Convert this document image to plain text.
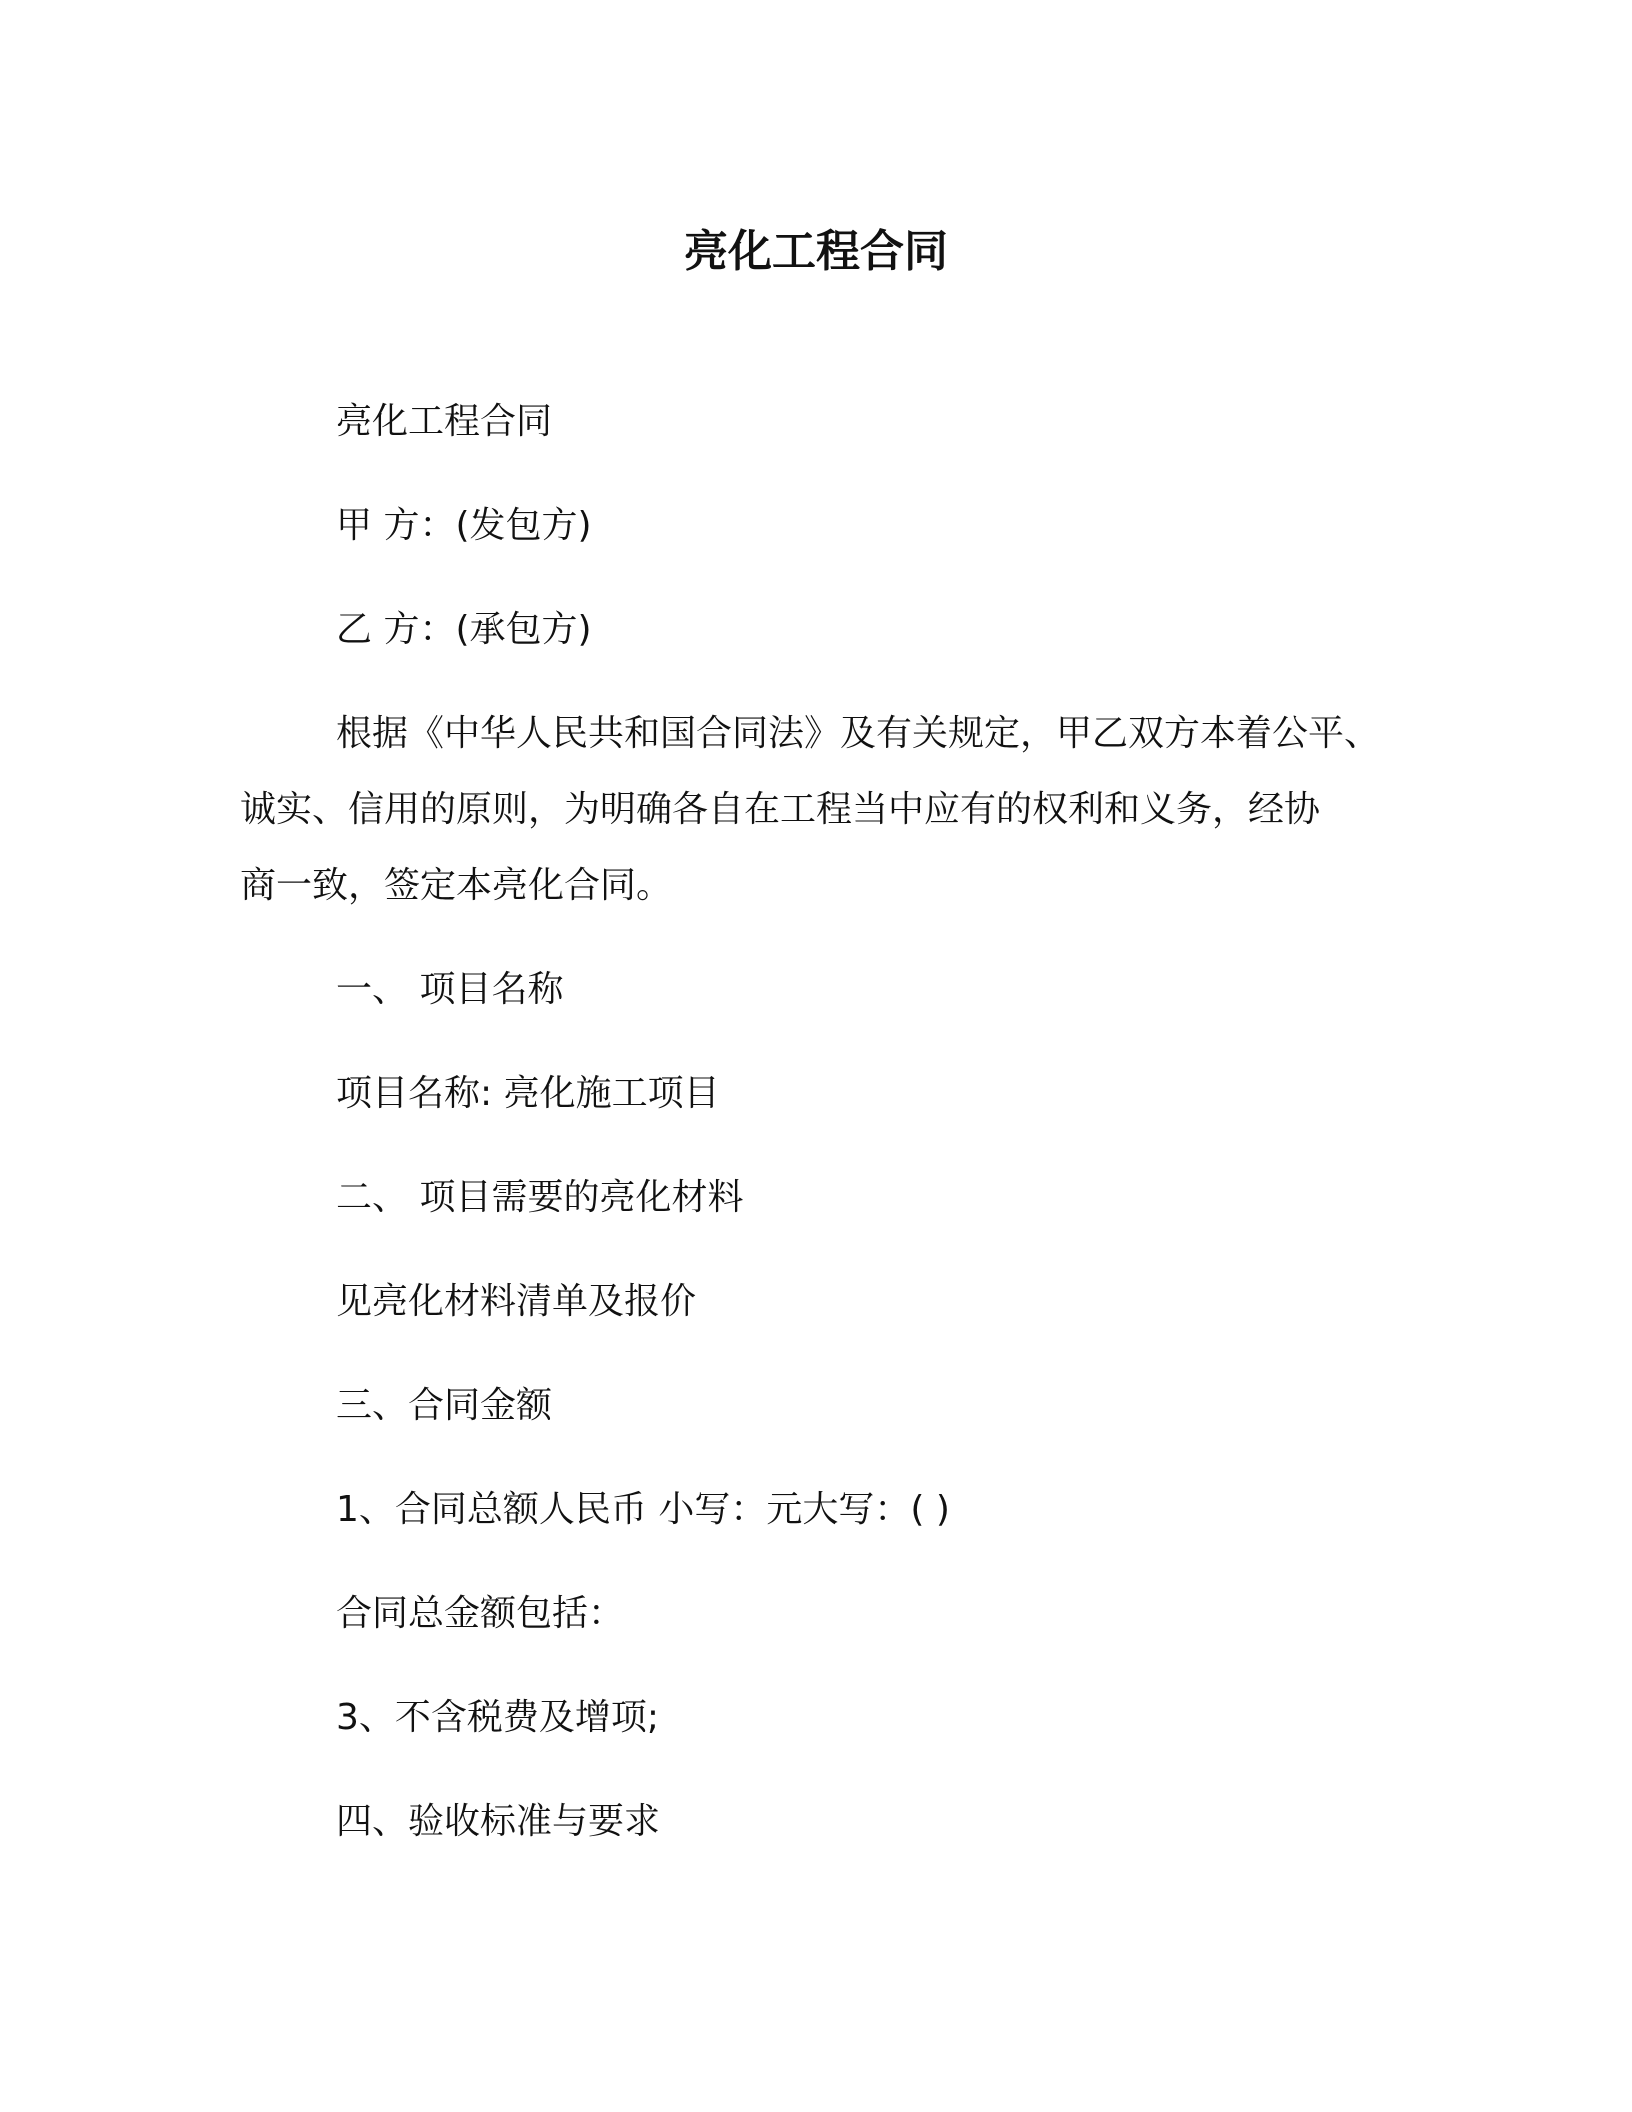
亮化工程合同
亮化工程合同
甲 方：(发包方)
乙 方：(承包方)
根据《中华人民共和国合同法》及有关规定，甲乙双方本着公平、
诚实、信用的原则，为明确各自在工程当中应有的权利和义务，经协
商一致，签定本亮化合同。
一、 项目名称
项目名称: 亮化施工项目
二、 项目需要的亮化材料
见亮化材料清单及报价
三、合同金额
1、合同总额人民币 小写：元大写：( )
合同总金额包括：
3、不含税费及增项;
四、验收标准与要求
